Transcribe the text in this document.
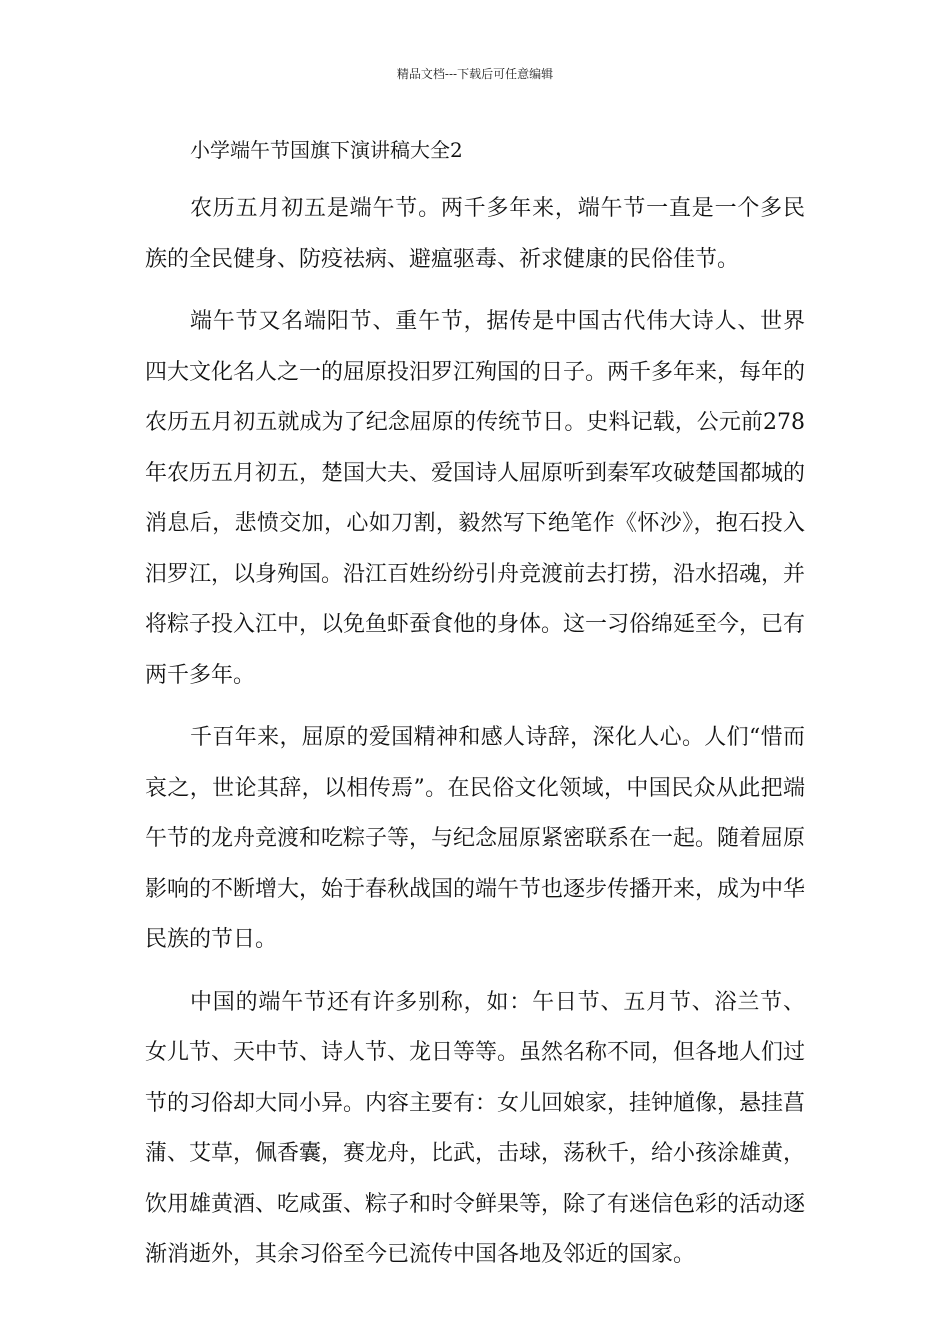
精品文档---下载后可任意编辑
小学端午节国旗下演讲稿大全2

农历五月初五是端午节。两千多年来，端午节一直是一个多民族的全民健身、防疫祛病、避瘟驱毒、祈求健康的民俗佳节。

端午节又名端阳节、重午节，据传是中国古代伟大诗人、世界四大文化名人之一的屈原投汨罗江殉国的日子。两千多年来，每年的农历五月初五就成为了纪念屈原的传统节日。史料记载，公元前278年农历五月初五，楚国大夫、爱国诗人屈原听到秦军攻破楚国都城的消息后，悲愤交加，心如刀割，毅然写下绝笔作《怀沙》，抱石投入汨罗江，以身殉国。沿江百姓纷纷引舟竞渡前去打捞，沿水招魂，并将粽子投入江中，以免鱼虾蚕食他的身体。这一习俗绵延至今，已有两千多年。

千百年来，屈原的爱国精神和感人诗辞，深化人心。人们“惜而哀之，世论其辞，以相传焉”。在民俗文化领域，中国民众从此把端午节的龙舟竞渡和吃粽子等，与纪念屈原紧密联系在一起。随着屈原影响的不断增大，始于春秋战国的端午节也逐步传播开来，成为中华民族的节日。

中国的端午节还有许多别称，如：午日节、五月节、浴兰节、女儿节、天中节、诗人节、龙日等等。虽然名称不同，但各地人们过节的习俗却大同小异。内容主要有：女儿回娘家，挂钟馗像，悬挂菖蒲、艾草，佩香囊，赛龙舟，比武，击球，荡秋千，给小孩涂雄黄，饮用雄黄酒、吃咸蛋、粽子和时令鲜果等，除了有迷信色彩的活动逐渐消逝外，其余习俗至今已流传中国各地及邻近的国家。
